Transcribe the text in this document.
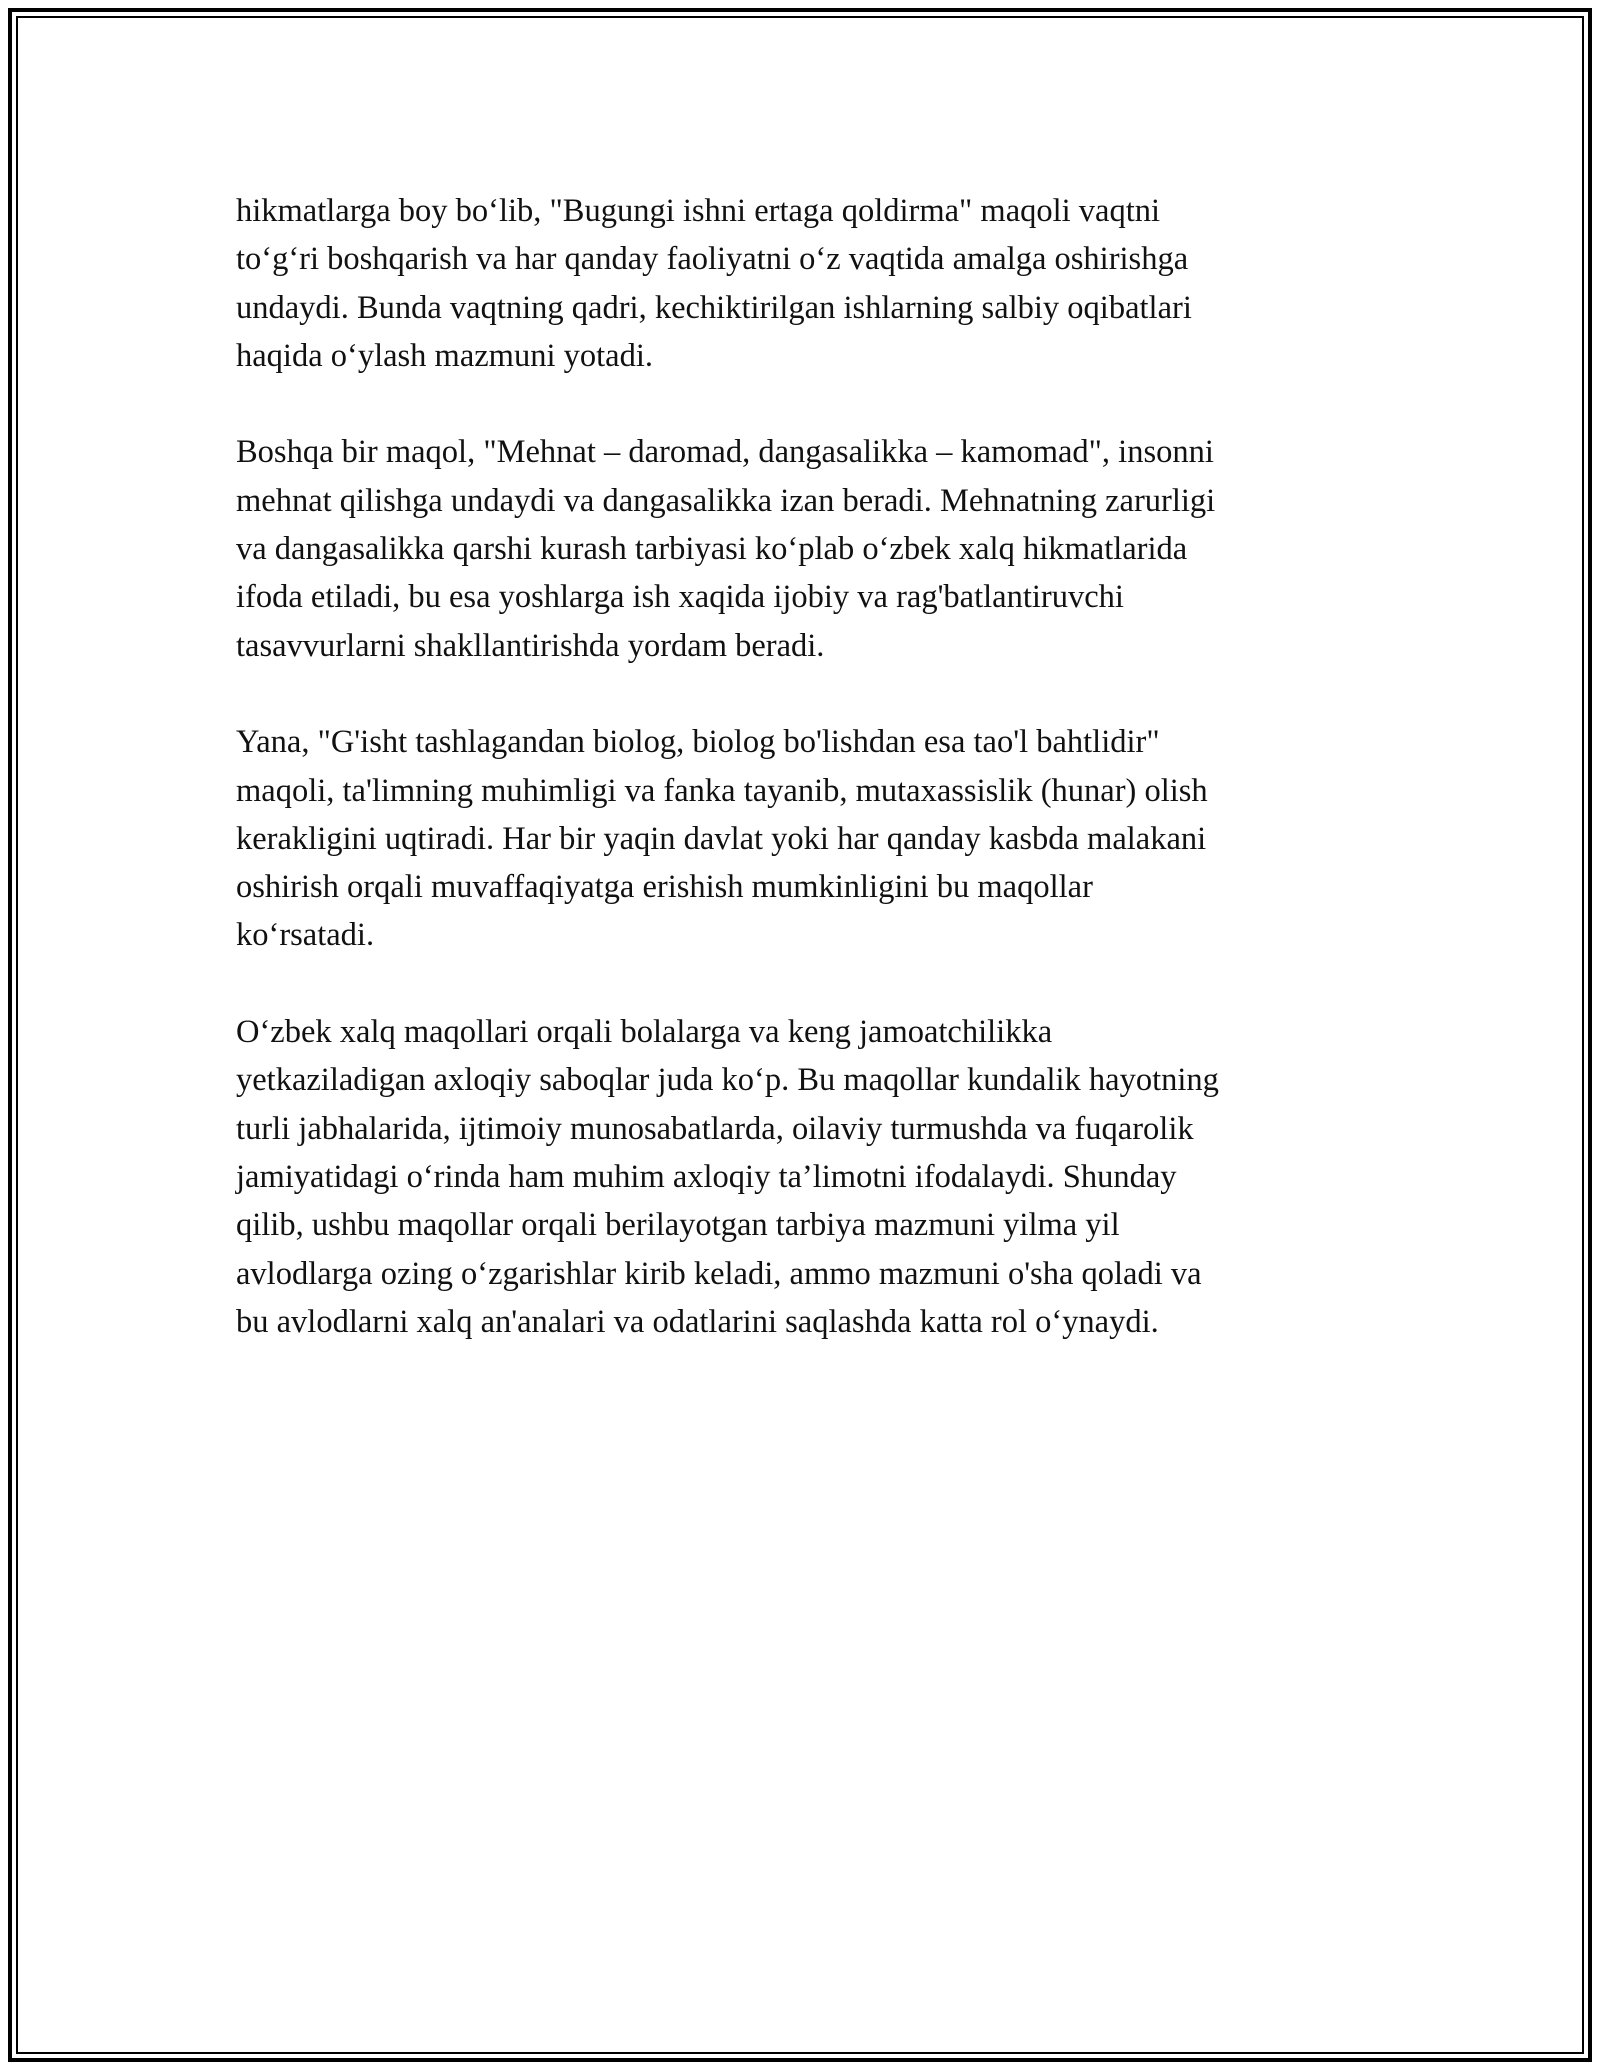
hikmatlarga boy bo‘lib, "Bugungi ishni ertaga qoldirma" maqoli vaqtni
to‘g‘ri boshqarish va har qanday faoliyatni o‘z vaqtida amalga oshirishga
undaydi. Bunda vaqtning qadri, kechiktirilgan ishlarning salbiy oqibatlari
haqida o‘ylash mazmuni yotadi.

Boshqa bir maqol, "Mehnat – daromad, dangasalikka – kamomad", insonni
mehnat qilishga undaydi va dangasalikka izan beradi. Mehnatning zarurligi
va dangasalikka qarshi kurash tarbiyasi ko‘plab o‘zbek xalq hikmatlarida
ifoda etiladi, bu esa yoshlarga ish xaqida ijobiy va rag'batlantiruvchi
tasavvurlarni shakllantirishda yordam beradi.

Yana, "G'isht tashlagandan biolog, biolog bo'lishdan esa tao'l bahtlidir"
maqoli, ta'limning muhimligi va fanka tayanib, mutaxassislik (hunar) olish
kerakligini uqtiradi. Har bir yaqin davlat yoki har qanday kasbda malakani
oshirish orqali muvaffaqiyatga erishish mumkinligini bu maqollar
ko‘rsatadi.

O‘zbek xalq maqollari orqali bolalarga va keng jamoatchilikka
yetkaziladigan axloqiy saboqlar juda ko‘p. Bu maqollar kundalik hayotning
turli jabhalarida, ijtimoiy munosabatlarda, oilaviy turmushda va fuqarolik
jamiyatidagi o‘rinda ham muhim axloqiy ta’limotni ifodalaydi. Shunday
qilib, ushbu maqollar orqali berilayotgan tarbiya mazmuni yilma yil
avlodlarga ozing o‘zgarishlar kirib keladi, ammo mazmuni o'sha qoladi va
bu avlodlarni xalq an'analari va odatlarini saqlashda katta rol o‘ynaydi.
